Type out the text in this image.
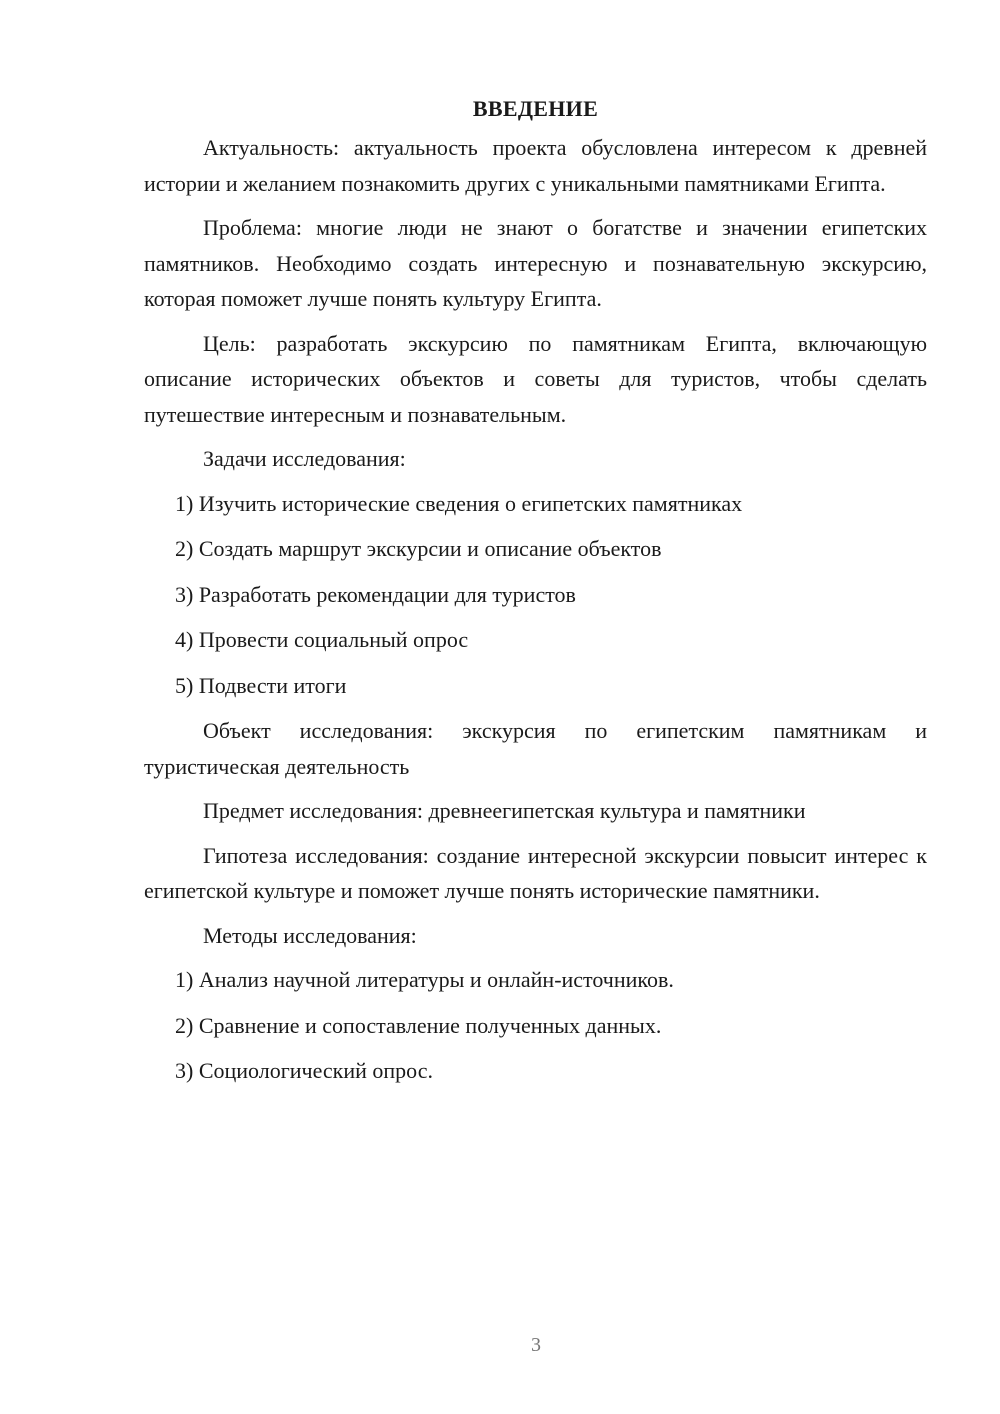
ВВЕДЕНИЕ

Актуальность: актуальность проекта обусловлена интересом к древней истории и желанием познакомить других с уникальными памятниками Египта.

Проблема: многие люди не знают о богатстве и значении египетских памятников. Необходимо создать интересную и познавательную экскурсию, которая поможет лучше понять культуру Египта.

Цель: разработать экскурсию по памятникам Египта, включающую описание исторических объектов и советы для туристов, чтобы сделать путешествие интересным и познавательным.

Задачи исследования:

1) Изучить исторические сведения о египетских памятниках
2) Создать маршрут экскурсии и описание объектов
3) Разработать рекомендации для туристов
4) Провести социальный опрос
5) Подвести итоги

Объект исследования: экскурсия по египетским памятникам и туристическая деятельность

Предмет исследования: древнеегипетская культура и памятники

Гипотеза исследования: создание интересной экскурсии повысит интерес к египетской культуре и поможет лучше понять исторические памятники.

Методы исследования:

1) Анализ научной литературы и онлайн-источников.
2) Сравнение и сопоставление полученных данных.
3) Социологический опрос.
3
